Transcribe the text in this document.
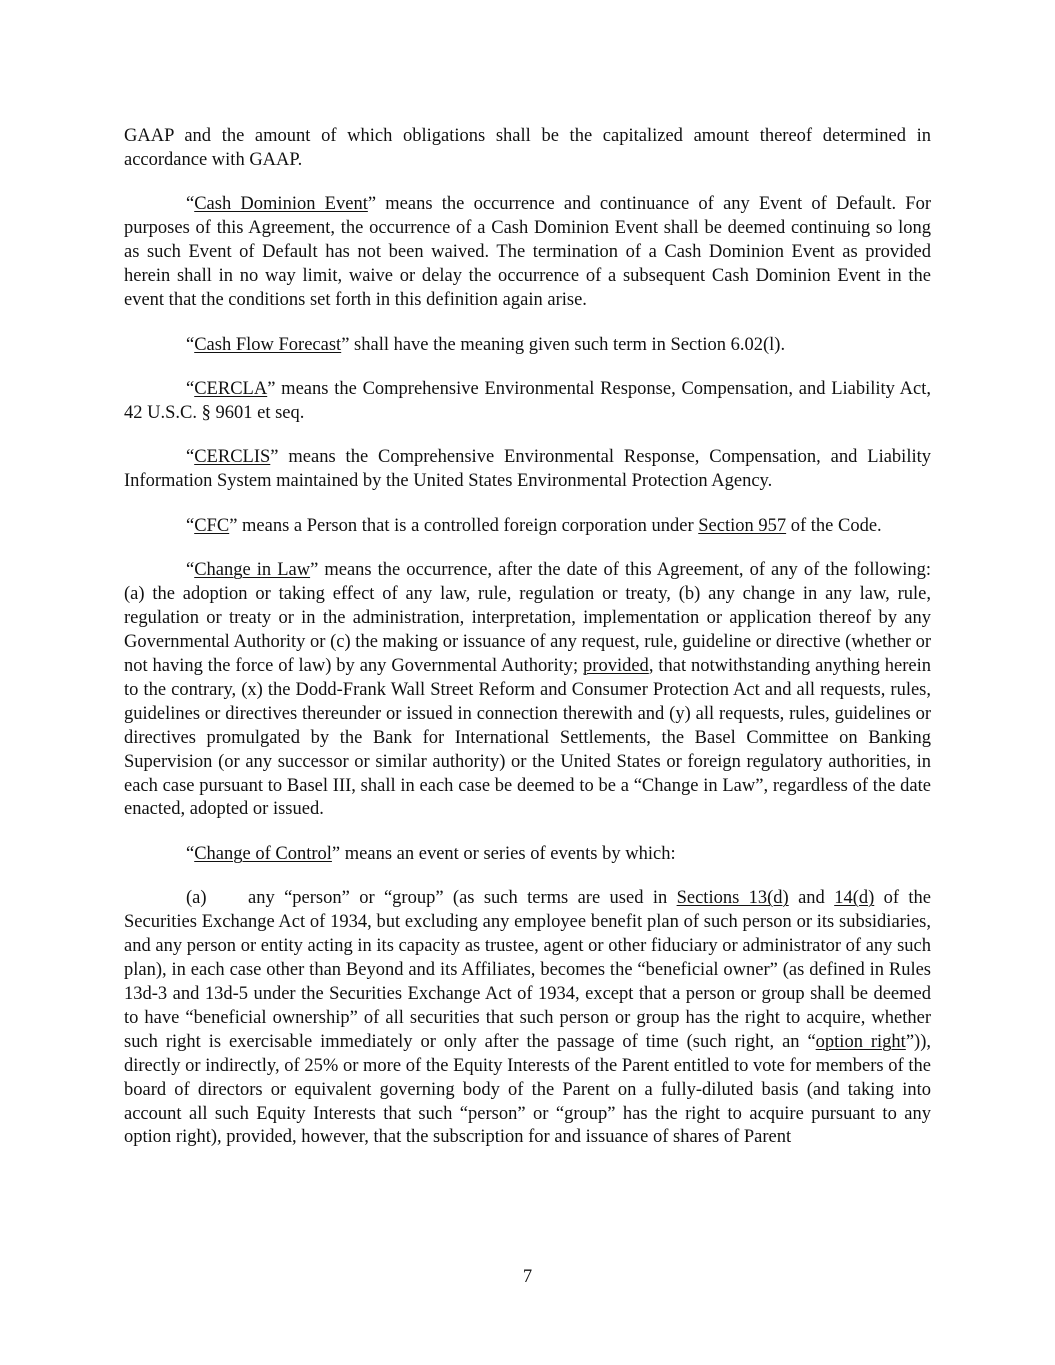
GAAP and the amount of which obligations shall be the capitalized amount thereof determined in accordance with GAAP.

“Cash Dominion Event” means the occurrence and continuance of any Event of Default. For purposes of this Agreement, the occurrence of a Cash Dominion Event shall be deemed continuing so long as such Event of Default has not been waived. The termination of a Cash Dominion Event as provided herein shall in no way limit, waive or delay the occurrence of a subsequent Cash Dominion Event in the event that the conditions set forth in this definition again arise.

“Cash Flow Forecast” shall have the meaning given such term in Section 6.02(l).

“CERCLA” means the Comprehensive Environmental Response, Compensation, and Liability Act, 42 U.S.C. § 9601 et seq.

“CERCLIS” means the Comprehensive Environmental Response, Compensation, and Liability Information System maintained by the United States Environmental Protection Agency.

“CFC” means a Person that is a controlled foreign corporation under Section 957 of the Code.

“Change in Law” means the occurrence, after the date of this Agreement, of any of the following: (a) the adoption or taking effect of any law, rule, regulation or treaty, (b) any change in any law, rule, regulation or treaty or in the administration, interpretation, implementation or application thereof by any Governmental Authority or (c) the making or issuance of any request, rule, guideline or directive (whether or not having the force of law) by any Governmental Authority; provided, that notwithstanding anything herein to the contrary, (x) the Dodd-Frank Wall Street Reform and Consumer Protection Act and all requests, rules, guidelines or directives thereunder or issued in connection therewith and (y) all requests, rules, guidelines or directives promulgated by the Bank for International Settlements, the Basel Committee on Banking Supervision (or any successor or similar authority) or the United States or foreign regulatory authorities, in each case pursuant to Basel III, shall in each case be deemed to be a “Change in Law”, regardless of the date enacted, adopted or issued.

“Change of Control” means an event or series of events by which:

(a) any “person” or “group” (as such terms are used in Sections 13(d) and 14(d) of the Securities Exchange Act of 1934, but excluding any employee benefit plan of such person or its subsidiaries, and any person or entity acting in its capacity as trustee, agent or other fiduciary or administrator of any such plan), in each case other than Beyond and its Affiliates, becomes the “beneficial owner” (as defined in Rules 13d-3 and 13d-5 under the Securities Exchange Act of 1934, except that a person or group shall be deemed to have “beneficial ownership” of all securities that such person or group has the right to acquire, whether such right is exercisable immediately or only after the passage of time (such right, an “option right”)), directly or indirectly, of 25% or more of the Equity Interests of the Parent entitled to vote for members of the board of directors or equivalent governing body of the Parent on a fully-diluted basis (and taking into account all such Equity Interests that such “person” or “group” has the right to acquire pursuant to any option right), provided, however, that the subscription for and issuance of shares of Parent

7
